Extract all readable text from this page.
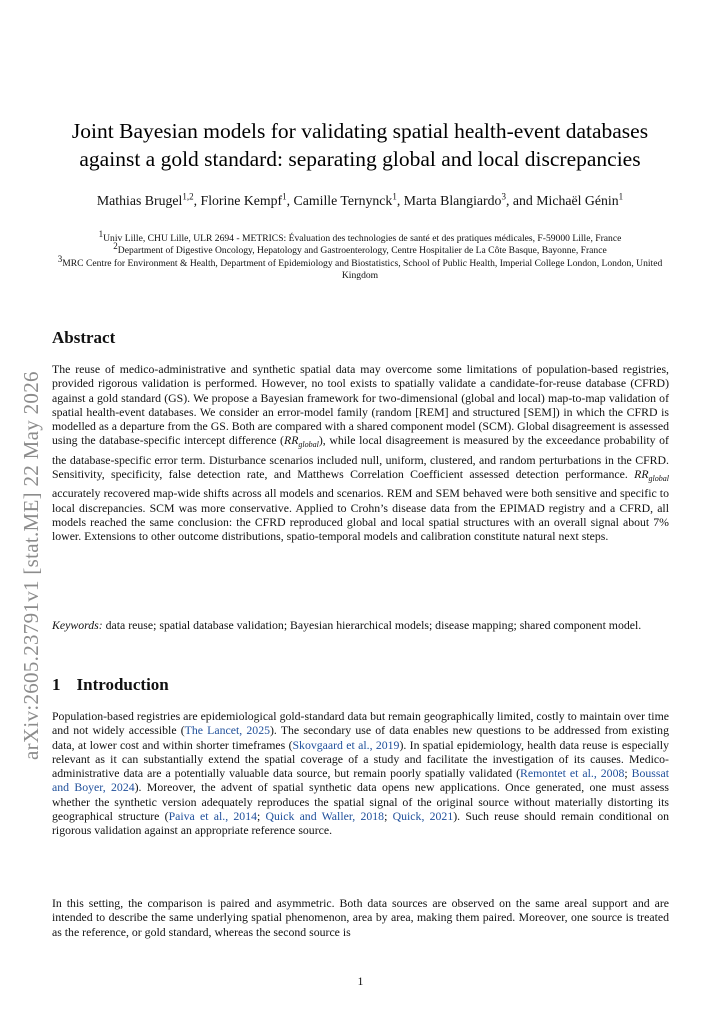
arXiv:2605.23791v1 [stat.ME] 22 May 2026
Joint Bayesian models for validating spatial health-event databases
against a gold standard: separating global and local discrepancies
Mathias Brugel$^{1,2}$, Florine Kempf$^1$, Camille Ternynck$^1$, Marta Blangiardo$^3$, and Michaël Génin$^1$
$^1$Univ Lille, CHU Lille, ULR 2694 - METRICS: Évaluation des technologies de santé et des pratiques médicales, F-59000 Lille, France
$^2$Department of Digestive Oncology, Hepatology and Gastroenterology, Centre Hospitalier de La Côte Basque, Bayonne, France
$^3$MRC Centre for Environment & Health, Department of Epidemiology and Biostatistics, School of Public Health, Imperial College London, London, United Kingdom
Abstract
The reuse of medico-administrative and synthetic spatial data may overcome some limitations of population-based registries, provided rigorous validation is performed. However, no tool exists to spatially validate a candidate-for-reuse database (CFRD) against a gold standard (GS). We propose a Bayesian framework for two-dimensional (global and local) map-to-map validation of spatial health-event databases. We consider an error-model family (random [REM] and structured [SEM]) in which the CFRD is modelled as a departure from the GS. Both are compared with a shared component model (SCM). Global disagreement is assessed using the database-specific intercept difference $(RR_{global})$, while local disagreement is measured by the exceedance probability of the database-specific error term. Disturbance scenarios included null, uniform, clustered, and random perturbations in the CFRD. Sensitivity, specificity, false detection rate, and Matthews Correlation Coefficient assessed detection performance. $RR_{global}$ accurately recovered map-wide shifts across all models and scenarios. REM and SEM behaved were both sensitive and specific to local discrepancies. SCM was more conservative. Applied to Crohn’s disease data from the EPIMAD registry and a CFRD, all models reached the same conclusion: the CFRD reproduced global and local spatial structures with an overall signal about 7% lower. Extensions to other outcome distributions, spatio-temporal models and calibration constitute natural next steps.
Keywords: data reuse; spatial database validation; Bayesian hierarchical models; disease mapping; shared component model.
1 Introduction
Population-based registries are epidemiological gold-standard data but remain geographically limited, costly to maintain over time and not widely accessible (The Lancet, 2025). The secondary use of data enables new questions to be addressed from existing data, at lower cost and within shorter timeframes (Skovgaard et al., 2019). In spatial epidemiology, health data reuse is especially relevant as it can substantially extend the spatial coverage of a study and facilitate the investigation of its causes. Medico-administrative data are a potentially valuable data source, but remain poorly spatially validated (Remontet et al., 2008; Boussat and Boyer, 2024). Moreover, the advent of spatial synthetic data opens new applications. Once generated, one must assess whether the synthetic version adequately reproduces the spatial signal of the original source without materially distorting its geographical structure (Paiva et al., 2014; Quick and Waller, 2018; Quick, 2021). Such reuse should remain conditional on rigorous validation against an appropriate reference source.
In this setting, the comparison is paired and asymmetric. Both data sources are observed on the same areal support and are intended to describe the same underlying spatial phenomenon, area by area, making them paired. Moreover, one source is treated as the reference, or gold standard, whereas the second source is
1
